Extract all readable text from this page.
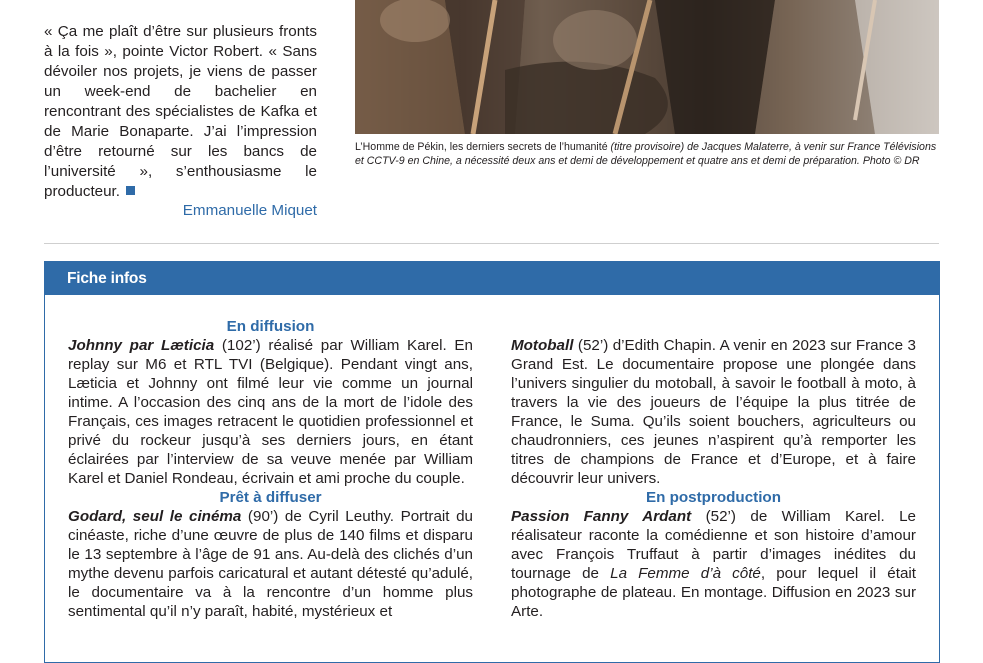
« Ça me plaît d’être sur plusieurs fronts à la fois », pointe Victor Robert. « Sans dévoiler nos projets, je viens de passer un week-end de bachelier en rencontrant des spécialistes de Kafka et de Marie Bonaparte. J’ai l’impression d’être retourné sur les bancs de l’université », s’enthousiasme le producteur.

Emmanuelle Miquet
L’Homme de Pékin, les derniers secrets de l’humanité (titre provisoire) de Jacques Malaterre, à venir sur France Télévisions et CCTV-9 en Chine, a nécessité deux ans et demi de développement et quatre ans et demi de préparation. Photo © DR
Fiche infos

En diffusion

Johnny par Læticia (102’) réalisé par William Karel. En replay sur M6 et RTL TVI (Belgique). Pendant vingt ans, Læticia et Johnny ont filmé leur vie comme un journal intime. A l’occasion des cinq ans de la mort de l’idole des Français, ces images retracent le quotidien professionnel et privé du rockeur jusqu’à ses derniers jours, en étant éclairées par l’interview de sa veuve menée par William Karel et Daniel Rondeau, écrivain et ami proche du couple.

Prêt à diffuser

Godard, seul le cinéma (90’) de Cyril Leuthy. Portrait du cinéaste, riche d’une œuvre de plus de 140 films et disparu le 13 septembre à l’âge de 91 ans. Au-delà des clichés d’un mythe devenu parfois caricatural et autant détesté qu’adulé, le documentaire va à la rencontre d’un homme plus sentimental qu’il n’y paraît, habité, mystérieux et

Motoball (52’) d’Edith Chapin. A venir en 2023 sur France 3 Grand Est. Le documentaire propose une plongée dans l’univers singulier du motoball, à savoir le football à moto, à travers la vie des joueurs de l’équipe la plus titrée de France, le Suma. Qu’ils soient bouchers, agriculteurs ou chaudronniers, ces jeunes n’aspirent qu’à remporter les titres de champions de France et d’Europe, et à faire découvrir leur univers.

En postproduction

Passion Fanny Ardant (52’) de William Karel. Le réalisateur raconte la comédienne et son histoire d’amour avec François Truffaut à partir d’images inédites du tournage de La Femme d’à côté, pour lequel il était photographe de plateau. En montage. Diffusion en 2023 sur Arte.
